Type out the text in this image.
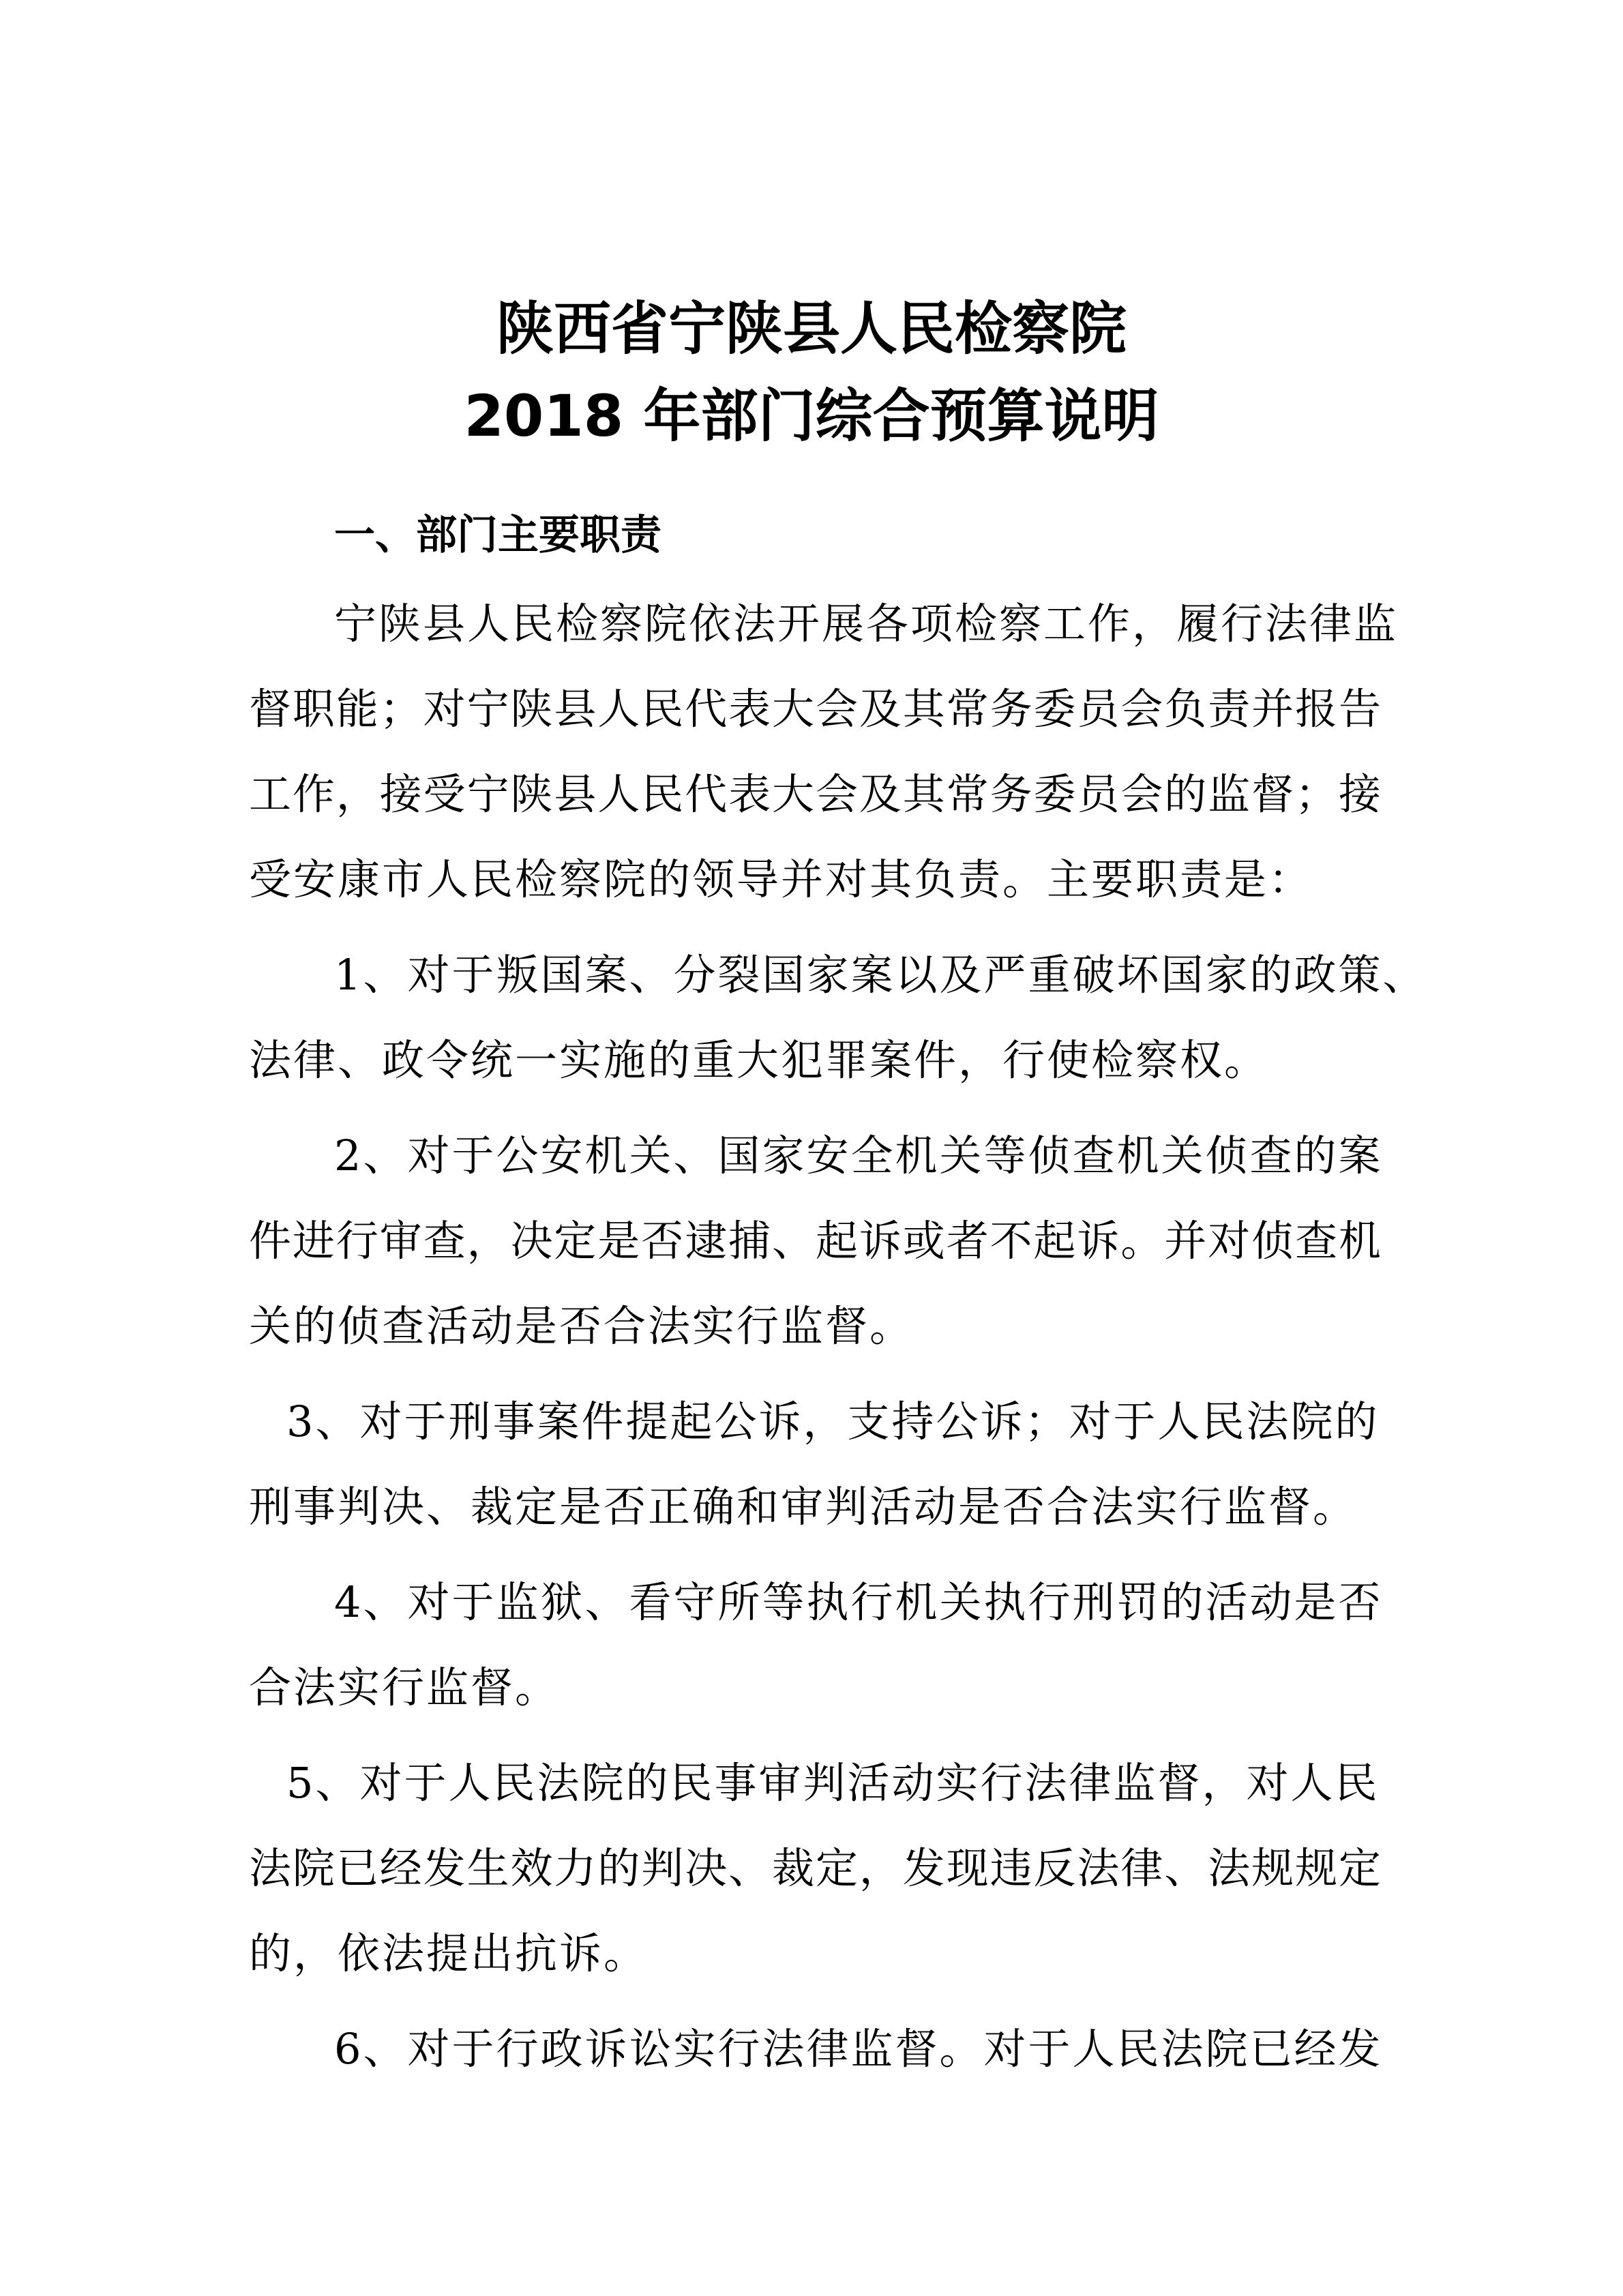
陕西省宁陕县人民检察院
2018 年部门综合预算说明
一、部门主要职责
宁陕县人民检察院依法开展各项检察工作，履行法律监
督职能；对宁陕县人民代表大会及其常务委员会负责并报告
工作，接受宁陕县人民代表大会及其常务委员会的监督；接
受安康市人民检察院的领导并对其负责。主要职责是：
1、对于叛国案、分裂国家案以及严重破坏国家的政策、
法律、政令统一实施的重大犯罪案件，行使检察权。
2、对于公安机关、国家安全机关等侦查机关侦查的案
件进行审查，决定是否逮捕、起诉或者不起诉。并对侦查机
关的侦查活动是否合法实行监督。
3、对于刑事案件提起公诉，支持公诉；对于人民法院的
刑事判决、裁定是否正确和审判活动是否合法实行监督。
4、对于监狱、看守所等执行机关执行刑罚的活动是否
合法实行监督。
5、对于人民法院的民事审判活动实行法律监督，对人民
法院已经发生效力的判决、裁定，发现违反法律、法规规定
的，依法提出抗诉。
6、对于行政诉讼实行法律监督。对于人民法院已经发
